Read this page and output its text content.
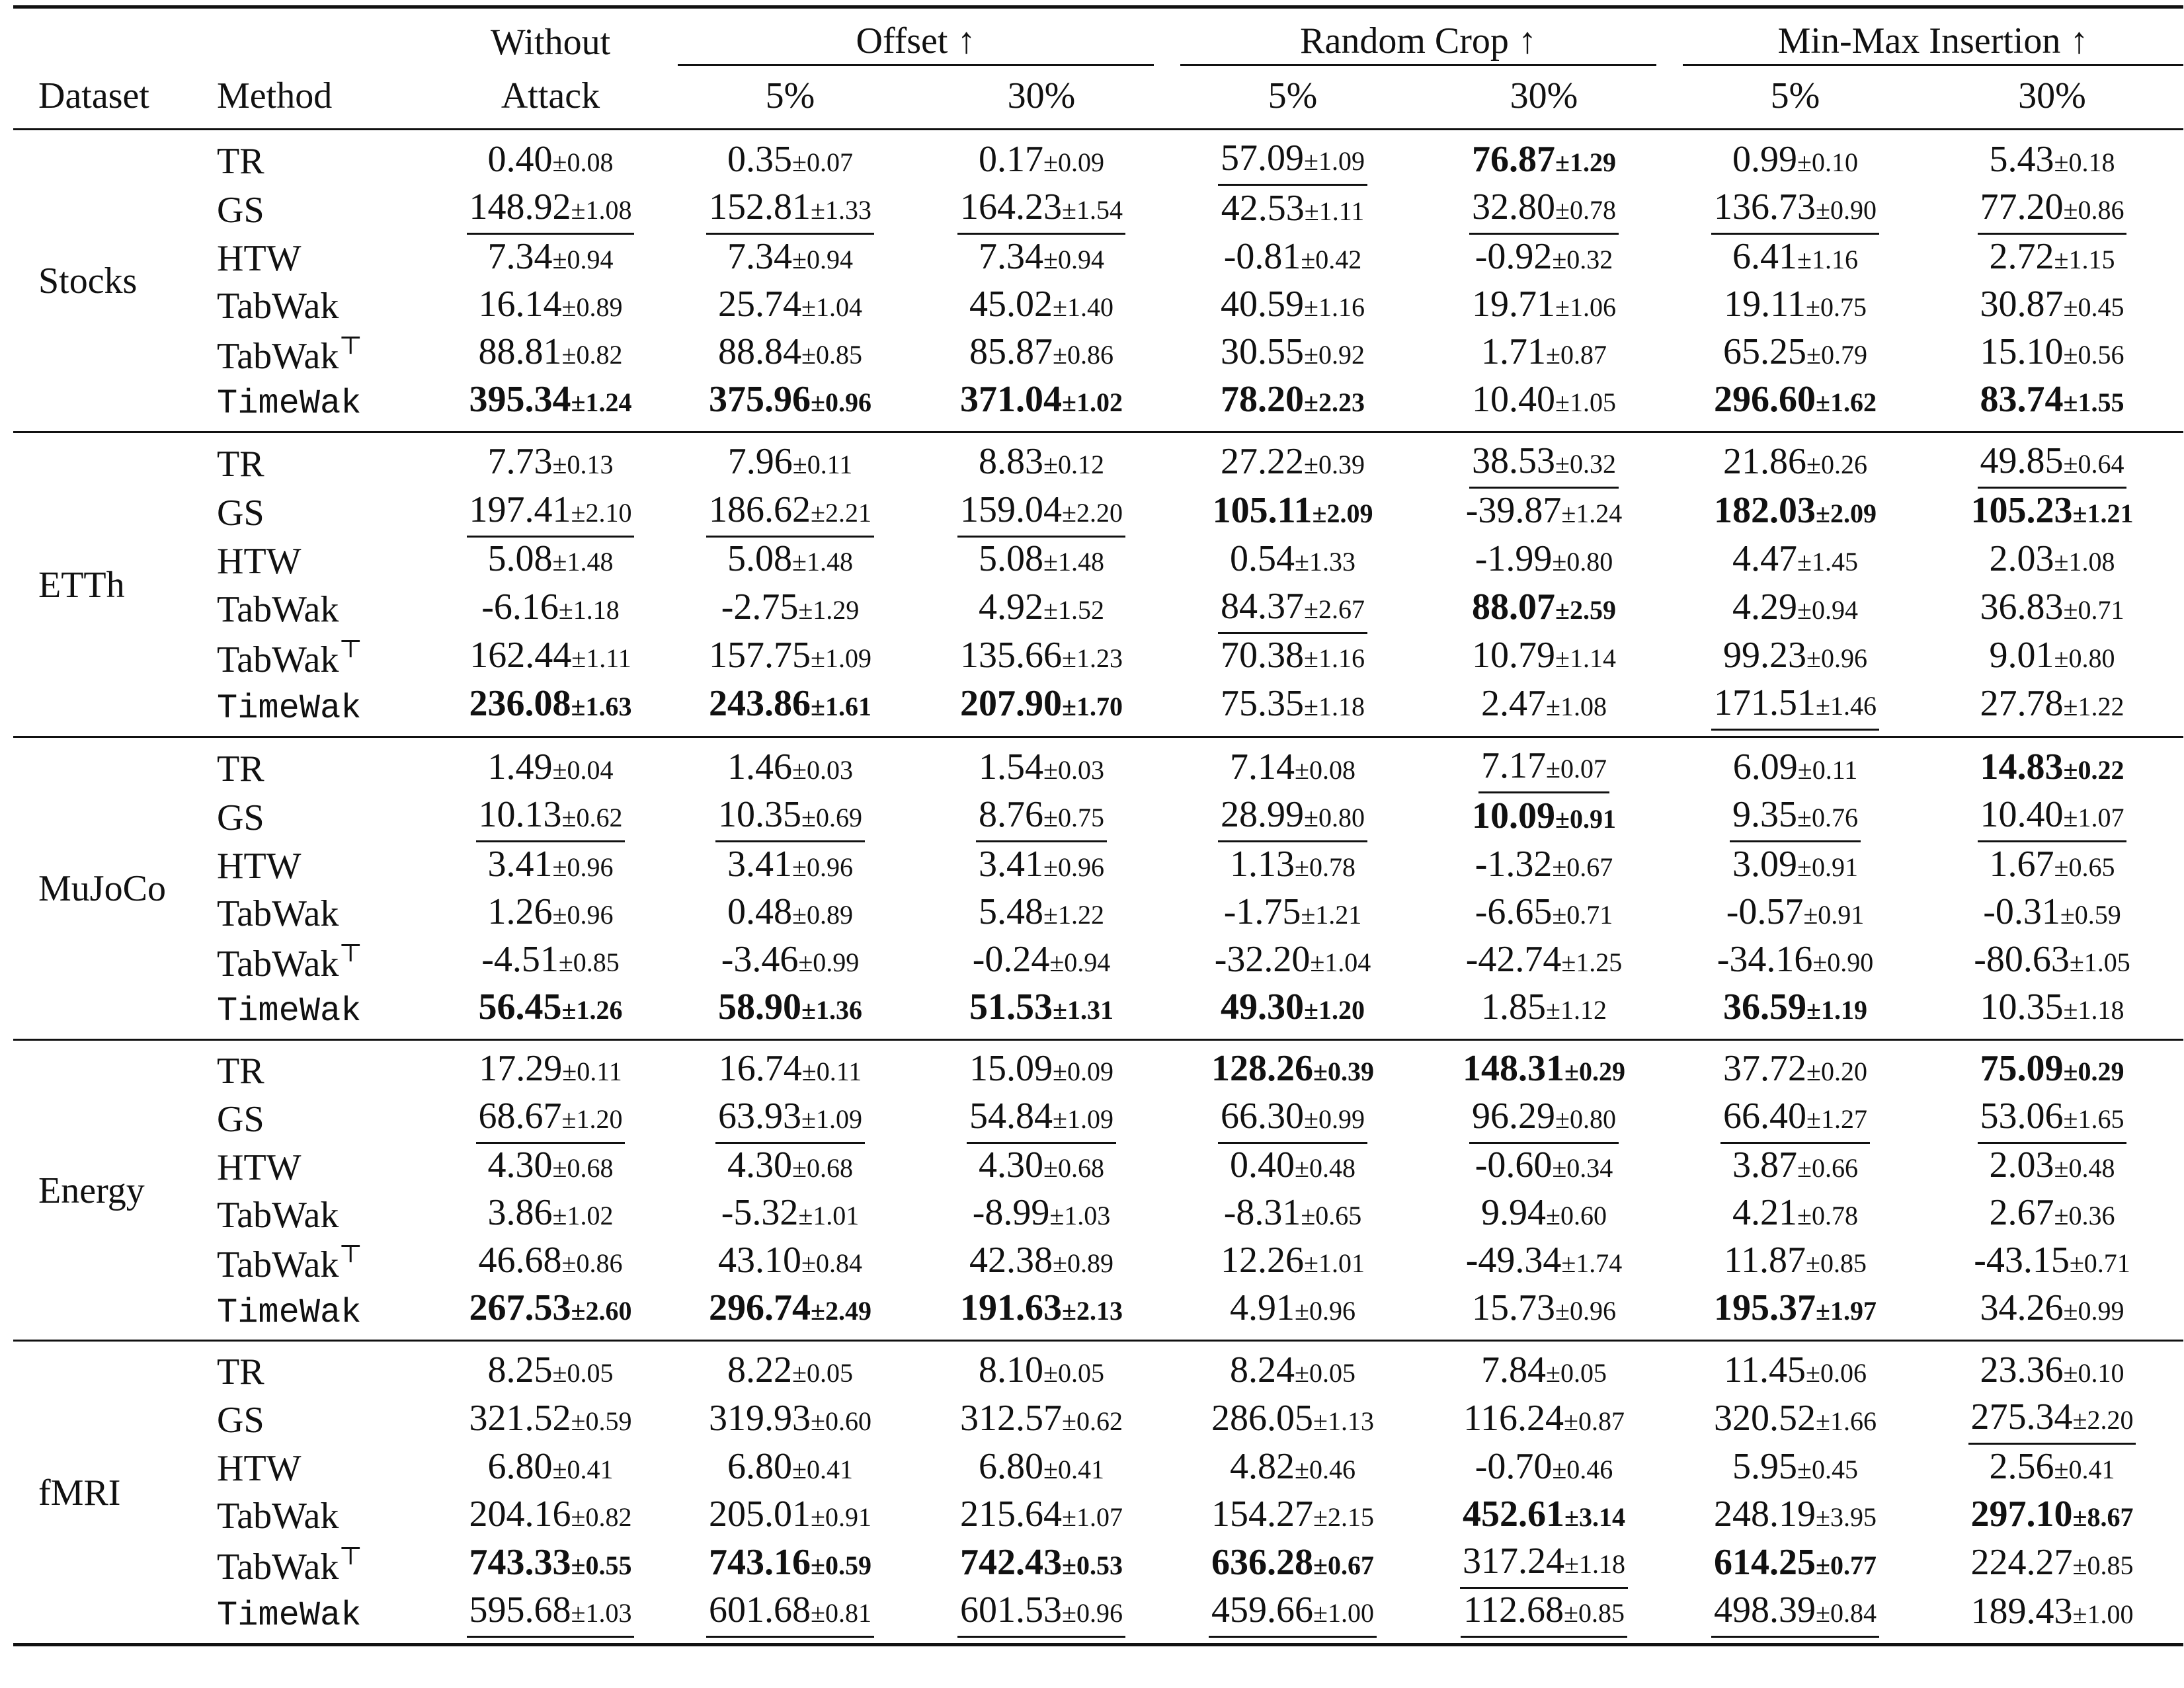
		Without	Offset ↑		Random Crop ↑		Min-Max Insertion ↑	

Dataset	Method	Attack	5%	30%	5%	30%	5%	30%

Stocks	TR	0.40±0.08	0.35±0.07	0.17±0.09	57.09±1.09	76.87±1.29	0.99±0.10	5.43±0.18
	GS	148.92±1.08	152.81±1.33	164.23±1.54	42.53±1.11	32.80±0.78	136.73±0.90	77.20±0.86
	HTW	7.34±0.94	7.34±0.94	7.34±0.94	-0.81±0.42	-0.92±0.32	6.41±1.16	2.72±1.15
	TabWak	16.14±0.89	25.74±1.04	45.02±1.40	40.59±1.16	19.71±1.06	19.11±0.75	30.87±0.45
	TabWak⊤	88.81±0.82	88.84±0.85	85.87±0.86	30.55±0.92	1.71±0.87	65.25±0.79	15.10±0.56
	TimeWak	395.34±1.24	375.96±0.96	371.04±1.02	78.20±2.23	10.40±1.05	296.60±1.62	83.74±1.55

ETTh	TR	7.73±0.13	7.96±0.11	8.83±0.12	27.22±0.39	38.53±0.32	21.86±0.26	49.85±0.64
	GS	197.41±2.10	186.62±2.21	159.04±2.20	105.11±2.09	-39.87±1.24	182.03±2.09	105.23±1.21
	HTW	5.08±1.48	5.08±1.48	5.08±1.48	0.54±1.33	-1.99±0.80	4.47±1.45	2.03±1.08
	TabWak	-6.16±1.18	-2.75±1.29	4.92±1.52	84.37±2.67	88.07±2.59	4.29±0.94	36.83±0.71
	TabWak⊤	162.44±1.11	157.75±1.09	135.66±1.23	70.38±1.16	10.79±1.14	99.23±0.96	9.01±0.80
	TimeWak	236.08±1.63	243.86±1.61	207.90±1.70	75.35±1.18	2.47±1.08	171.51±1.46	27.78±1.22

MuJoCo	TR	1.49±0.04	1.46±0.03	1.54±0.03	7.14±0.08	7.17±0.07	6.09±0.11	14.83±0.22
	GS	10.13±0.62	10.35±0.69	8.76±0.75	28.99±0.80	10.09±0.91	9.35±0.76	10.40±1.07
	HTW	3.41±0.96	3.41±0.96	3.41±0.96	1.13±0.78	-1.32±0.67	3.09±0.91	1.67±0.65
	TabWak	1.26±0.96	0.48±0.89	5.48±1.22	-1.75±1.21	-6.65±0.71	-0.57±0.91	-0.31±0.59
	TabWak⊤	-4.51±0.85	-3.46±0.99	-0.24±0.94	-32.20±1.04	-42.74±1.25	-34.16±0.90	-80.63±1.05
	TimeWak	56.45±1.26	58.90±1.36	51.53±1.31	49.30±1.20	1.85±1.12	36.59±1.19	10.35±1.18

Energy	TR	17.29±0.11	16.74±0.11	15.09±0.09	128.26±0.39	148.31±0.29	37.72±0.20	75.09±0.29
	GS	68.67±1.20	63.93±1.09	54.84±1.09	66.30±0.99	96.29±0.80	66.40±1.27	53.06±1.65
	HTW	4.30±0.68	4.30±0.68	4.30±0.68	0.40±0.48	-0.60±0.34	3.87±0.66	2.03±0.48
	TabWak	3.86±1.02	-5.32±1.01	-8.99±1.03	-8.31±0.65	9.94±0.60	4.21±0.78	2.67±0.36
	TabWak⊤	46.68±0.86	43.10±0.84	42.38±0.89	12.26±1.01	-49.34±1.74	11.87±0.85	-43.15±0.71
	TimeWak	267.53±2.60	296.74±2.49	191.63±2.13	4.91±0.96	15.73±0.96	195.37±1.97	34.26±0.99

fMRI	TR	8.25±0.05	8.22±0.05	8.10±0.05	8.24±0.05	7.84±0.05	11.45±0.06	23.36±0.10
	GS	321.52±0.59	319.93±0.60	312.57±0.62	286.05±1.13	116.24±0.87	320.52±1.66	275.34±2.20
	HTW	6.80±0.41	6.80±0.41	6.80±0.41	4.82±0.46	-0.70±0.46	5.95±0.45	2.56±0.41
	TabWak	204.16±0.82	205.01±0.91	215.64±1.07	154.27±2.15	452.61±3.14	248.19±3.95	297.10±8.67
	TabWak⊤	743.33±0.55	743.16±0.59	742.43±0.53	636.28±0.67	317.24±1.18	614.25±0.77	224.27±0.85
	TimeWak	595.68±1.03	601.68±0.81	601.53±0.96	459.66±1.00	112.68±0.85	498.39±0.84	189.43±1.00
